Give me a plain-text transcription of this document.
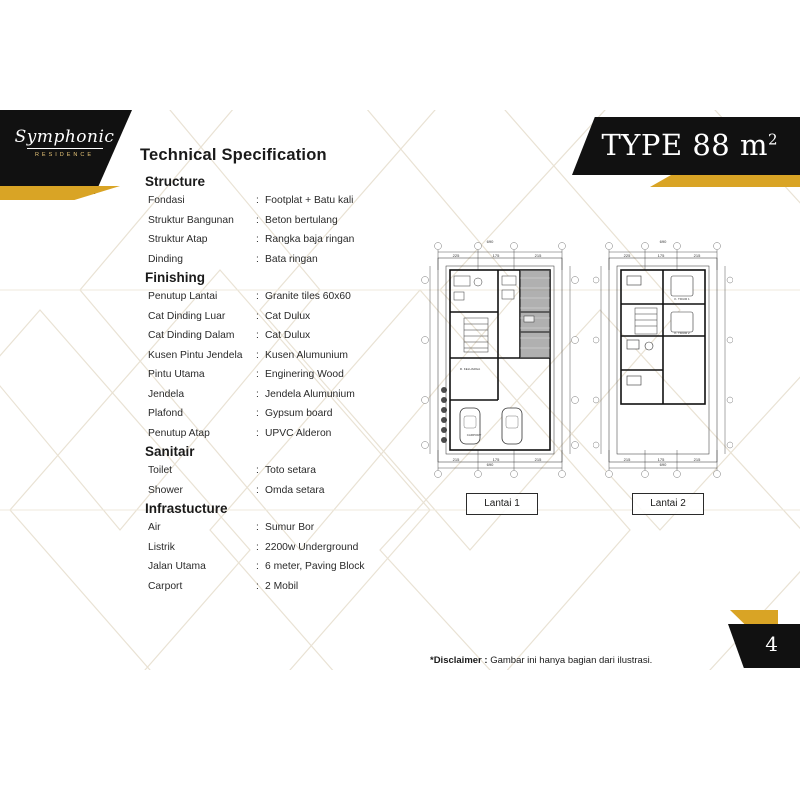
Symphonic
RESIDENCE	TYPE 88 $m^2$
Technical Specification
Structure
Fondasi	: Footplat + Batu kali
Struktur Bangunan	: Beton bertulang
Struktur Atap	: Rangka baja ringan
Dinding	: Bata ringan
Finishing
Penutup Lantai	: Granite tiles 60x60
Cat Dinding Luar	: Cat Dulux
Cat Dinding Dalam	: Cat Dulux
Kusen Pintu Jendela	: Kusen Alumunium
Pintu Utama	: Enginering Wood
Jendela	: Jendela Alumunium
Plafond	: Gypsum board
Penutup Atap	: UPVC Alderon
Sanitair
Toilet	: Toto setara
Shower	: Omda setara
Infrastucture
Air	: Sumur Bor
Listrik	: 2200w Underground
Jalan Utama	: 6 meter, Paving Block
Carport	: 2 Mobil
690
225	175	215
690
215	175	215
R. KELUARGA
CARPORT
690
225	175	215
690
215	175	215
K. TIDUR 1
K. TIDUR 2
Lantai 1	Lantai 2
*Disclaimer : Gambar ini hanya bagian dari ilustrasi.
4
